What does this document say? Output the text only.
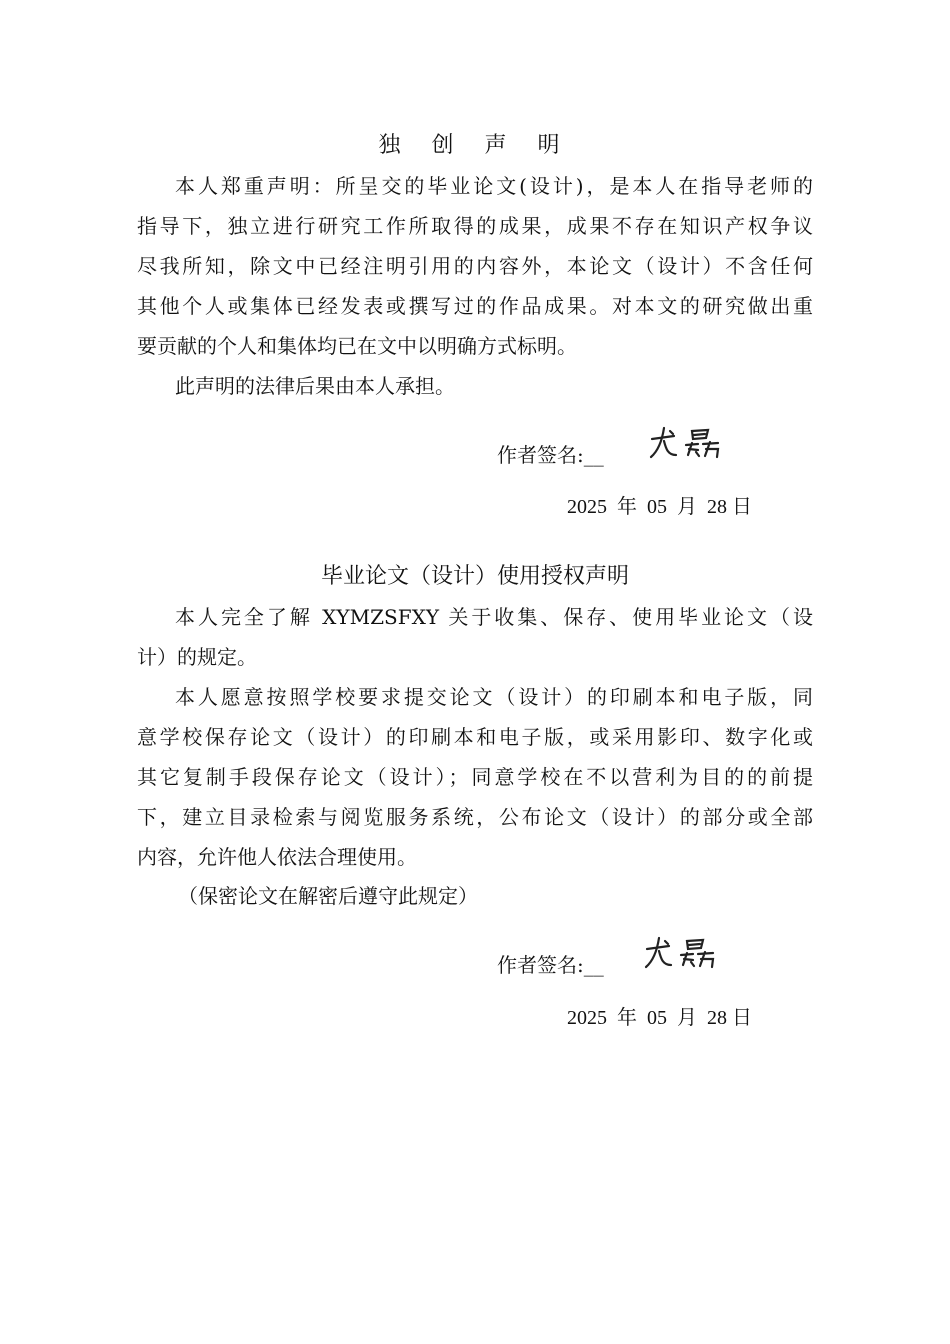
独 创 声 明
本人郑重声明：所呈交的毕业论文(设计)，是本人在指导老师的
指导下，独立进行研究工作所取得的成果，成果不存在知识产权争议
尽我所知，除文中已经注明引用的内容外，本论文（设计）不含任何
其他个人或集体已经发表或撰写过的作品成果。对本文的研究做出重
要贡献的个人和集体均已在文中以明确方式标明。
此声明的法律后果由本人承担。
作者签名:__
2025  年  05  月  28 日
毕业论文（设计）使用授权声明
本人完全了解 XYMZSFXY 关于收集、保存、使用毕业论文（设
计）的规定。
本人愿意按照学校要求提交论文（设计）的印刷本和电子版，同
意学校保存论文（设计）的印刷本和电子版，或采用影印、数字化或
其它复制手段保存论文（设计）；同意学校在不以营利为目的的前提
下，建立目录检索与阅览服务系统，公布论文（设计）的部分或全部
内容，允许他人依法合理使用。
（保密论文在解密后遵守此规定）
作者签名:__
2025  年  05  月  28 日
